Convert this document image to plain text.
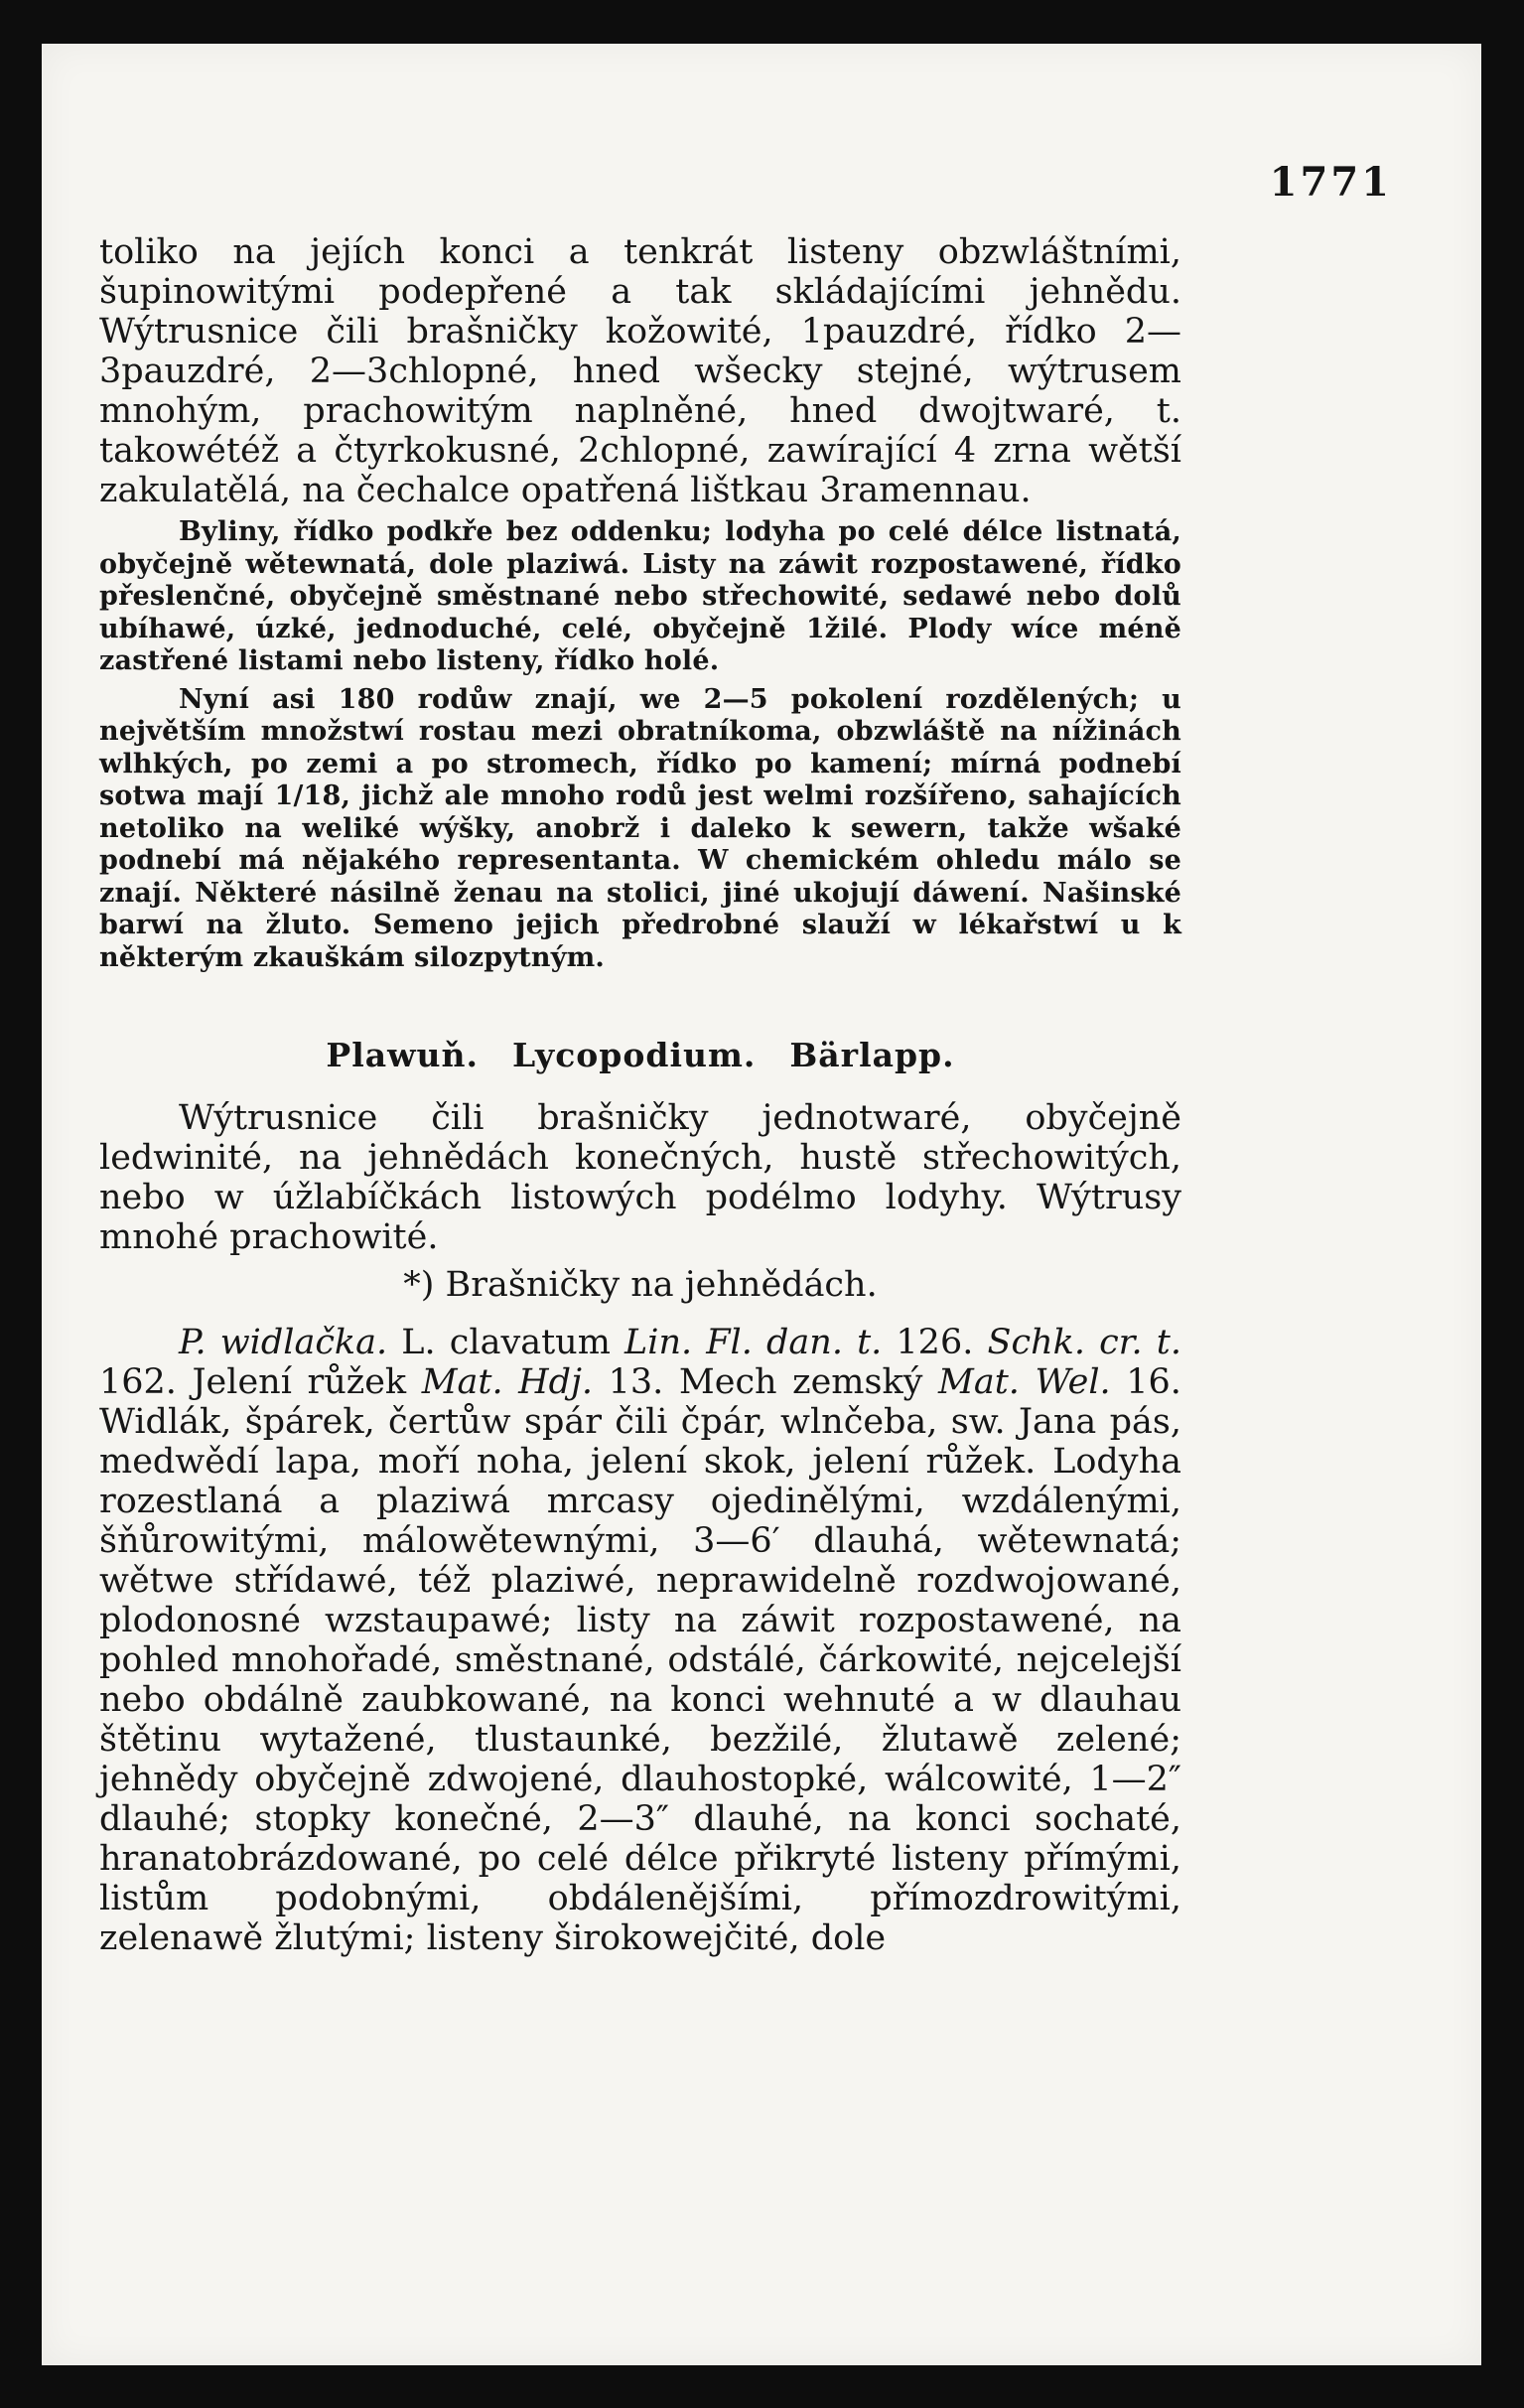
1771

toliko na jejích konci a tenkrát listeny obzwláštními, šupinowitými podepřené a tak skládajícími jehnědu. Wýtrusnice čili brašničky kožowité, 1pauzdré, řídko 2—3pauzdré, 2—3chlopné, hned wšecky stejné, wýtrusem mnohým, prachowitým naplněné, hned dwojtwaré, t. takowétéž a čtyrkokusné, 2chlopné, zawírající 4 zrna wětší zakulatělá, na čechalce opatřená lištkau 3ramennau.

Byliny, řídko podkře bez oddenku; lodyha po celé délce listnatá, obyčejně wětewnatá, dole plaziwá. Listy na záwit rozpostawené, řídko přeslenčné, obyčejně směstnané nebo střechowité, sedawé nebo dolů ubíhawé, úzké, jednoduché, celé, obyčejně 1žilé. Plody wíce méně zastřené listami nebo listeny, řídko holé.

Nyní asi 180 rodůw znají, we 2—5 pokolení rozdělených; u největším množstwí rostau mezi obratníkoma, obzwláště na nížinách wlhkých, po zemi a po stromech, řídko po kamení; mírná podnebí sotwa mají 1/18, jichž ale mnoho rodů jest welmi rozšířeno, sahajících netoliko na weliké wýšky, anobrž i daleko k sewern, takže wšaké podnebí má nějakého representanta. W chemickém ohledu málo se znají. Některé násilně ženau na stolici, jiné ukojují dáwení. Našinské barwí na žluto. Semeno jejich předrobné slauží w lékařstwí u k některým zkauškám silozpytným.

Plawuň. Lycopodium. Bärlapp.

Wýtrusnice čili brašničky jednotwaré, obyčejně ledwinité, na jehnědách konečných, hustě střechowitých, nebo w úžlabíčkách listowých podélmo lodyhy. Wýtrusy mnohé prachowité.

*) Brašničky na jehnědách.

P. widlačka. L. clavatum Lin. Fl. dan. t. 126. Schk. cr. t. 162. Jelení růžek Mat. Hdj. 13. Mech zemský Mat. Wel. 16. Widlák, špárek, čertůw spár čili čpár, wlnčeba, sw. Jana pás, medwědí lapa, moří noha, jelení skok, jelení růžek. Lodyha rozestlaná a plaziwá mrcasy ojedinělými, wzdálenými, šňůrowitými, málowětewnými, 3—6′ dlauhá, wětewnatá; wětwe střídawé, též plaziwé, neprawidelně rozdwojowané, plodonosné wzstaupawé; listy na záwit rozpostawené, na pohled mnohořadé, směstnané, odstálé, čárkowité, nejcelejší nebo obdálně zaubkowané, na konci wehnuté a w dlauhau štětinu wytažené, tlustaunké, bezžilé, žlutawě zelené; jehnědy obyčejně zdwojené, dlauhostopké, wálcowité, 1—2″ dlauhé; stopky konečné, 2—3″ dlauhé, na konci sochaté, hranatobrázdowané, po celé délce přikryté listeny přímými, listům podobnými, obdálenějšími, přímozdrowitými, zelenawě žlutými; listeny širokowejčité, dole
